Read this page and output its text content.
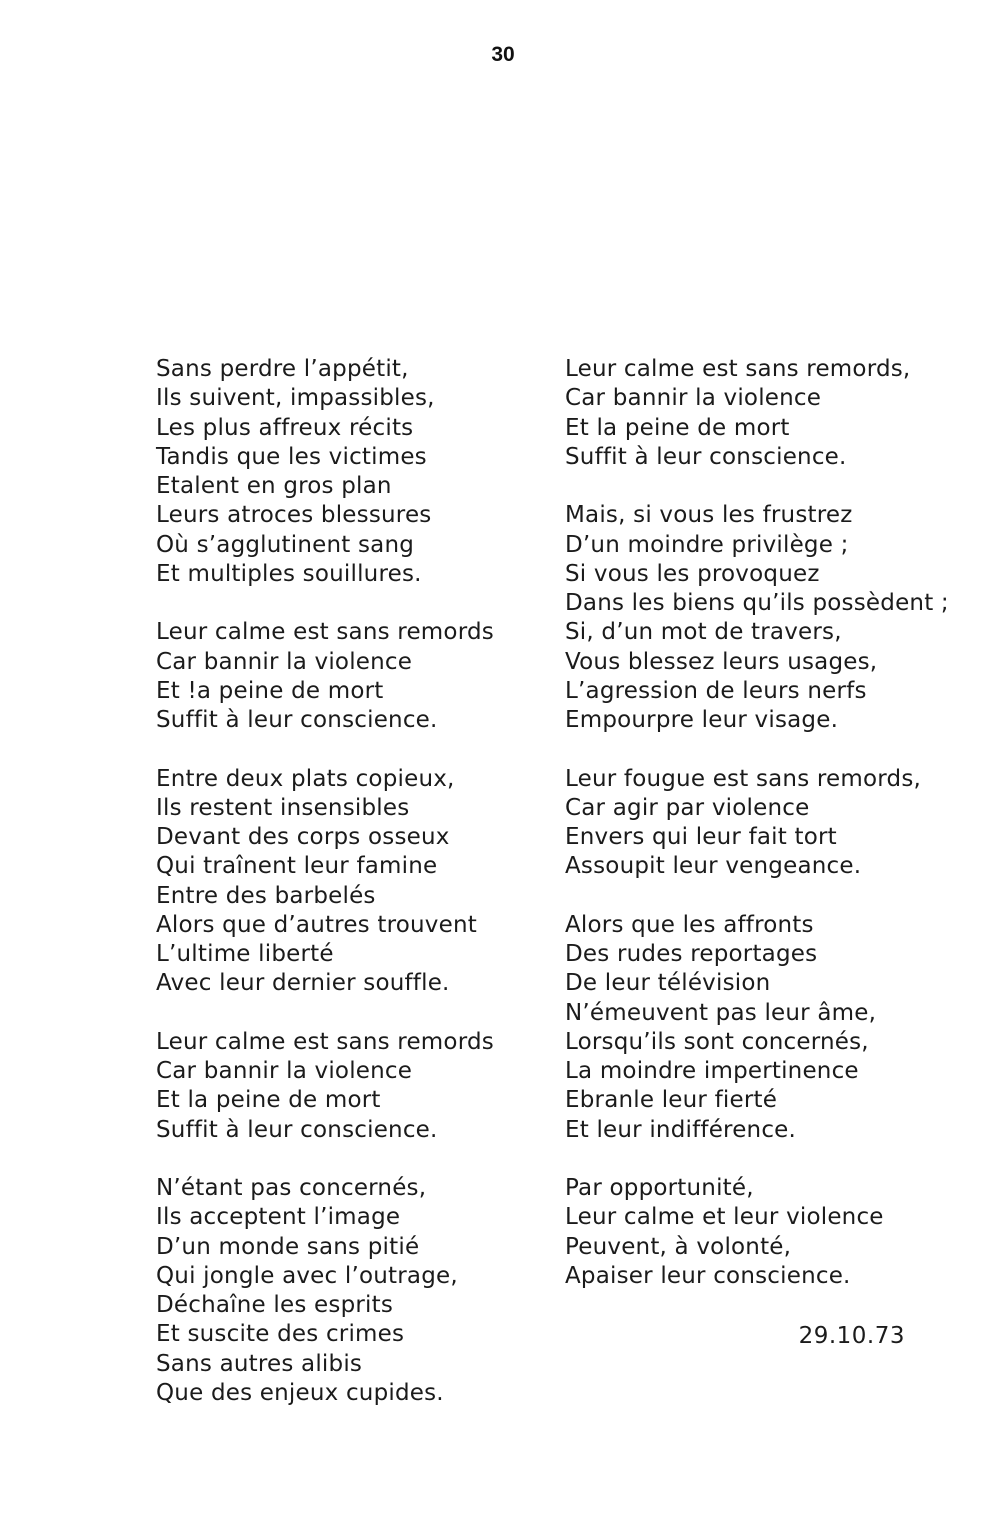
30
Sans perdre l’appétit,
Ils suivent, impassibles,
Les plus affreux récits
Tandis que les victimes
Etalent en gros plan
Leurs atroces blessures
Où s’agglutinent sang
Et multiples souillures.
Leur calme est sans remords
Car bannir la violence
Et !a peine de mort
Suffit à leur conscience.
Entre deux plats copieux,
Ils restent insensibles
Devant des corps osseux
Qui traînent leur famine
Entre des barbelés
Alors que d’autres trouvent
L’ultime liberté
Avec leur dernier souffle.
Leur calme est sans remords
Car bannir la violence
Et la peine de mort
Suffit à leur conscience.
N’étant pas concernés,
Ils acceptent l’image
D’un monde sans pitié
Qui jongle avec l’outrage,
Déchaîne les esprits
Et suscite des crimes
Sans autres alibis
Que des enjeux cupides.
Leur calme est sans remords,
Car bannir la violence
Et la peine de mort
Suffit à leur conscience.
Mais, si vous les frustrez
D’un moindre privilège ;
Si vous les provoquez
Dans les biens qu’ils possèdent ;
Si, d’un mot de travers,
Vous blessez leurs usages,
L’agression de leurs nerfs
Empourpre leur visage.
Leur fougue est sans remords,
Car agir par violence
Envers qui leur fait tort
Assoupit leur vengeance.
Alors que les affronts
Des rudes reportages
De leur télévision
N’émeuvent pas leur âme,
Lorsqu’ils sont concernés,
La moindre impertinence
Ebranle leur fierté
Et leur indifférence.
Par opportunité,
Leur calme et leur violence
Peuvent, à volonté,
Apaiser leur conscience.
29.10.73
